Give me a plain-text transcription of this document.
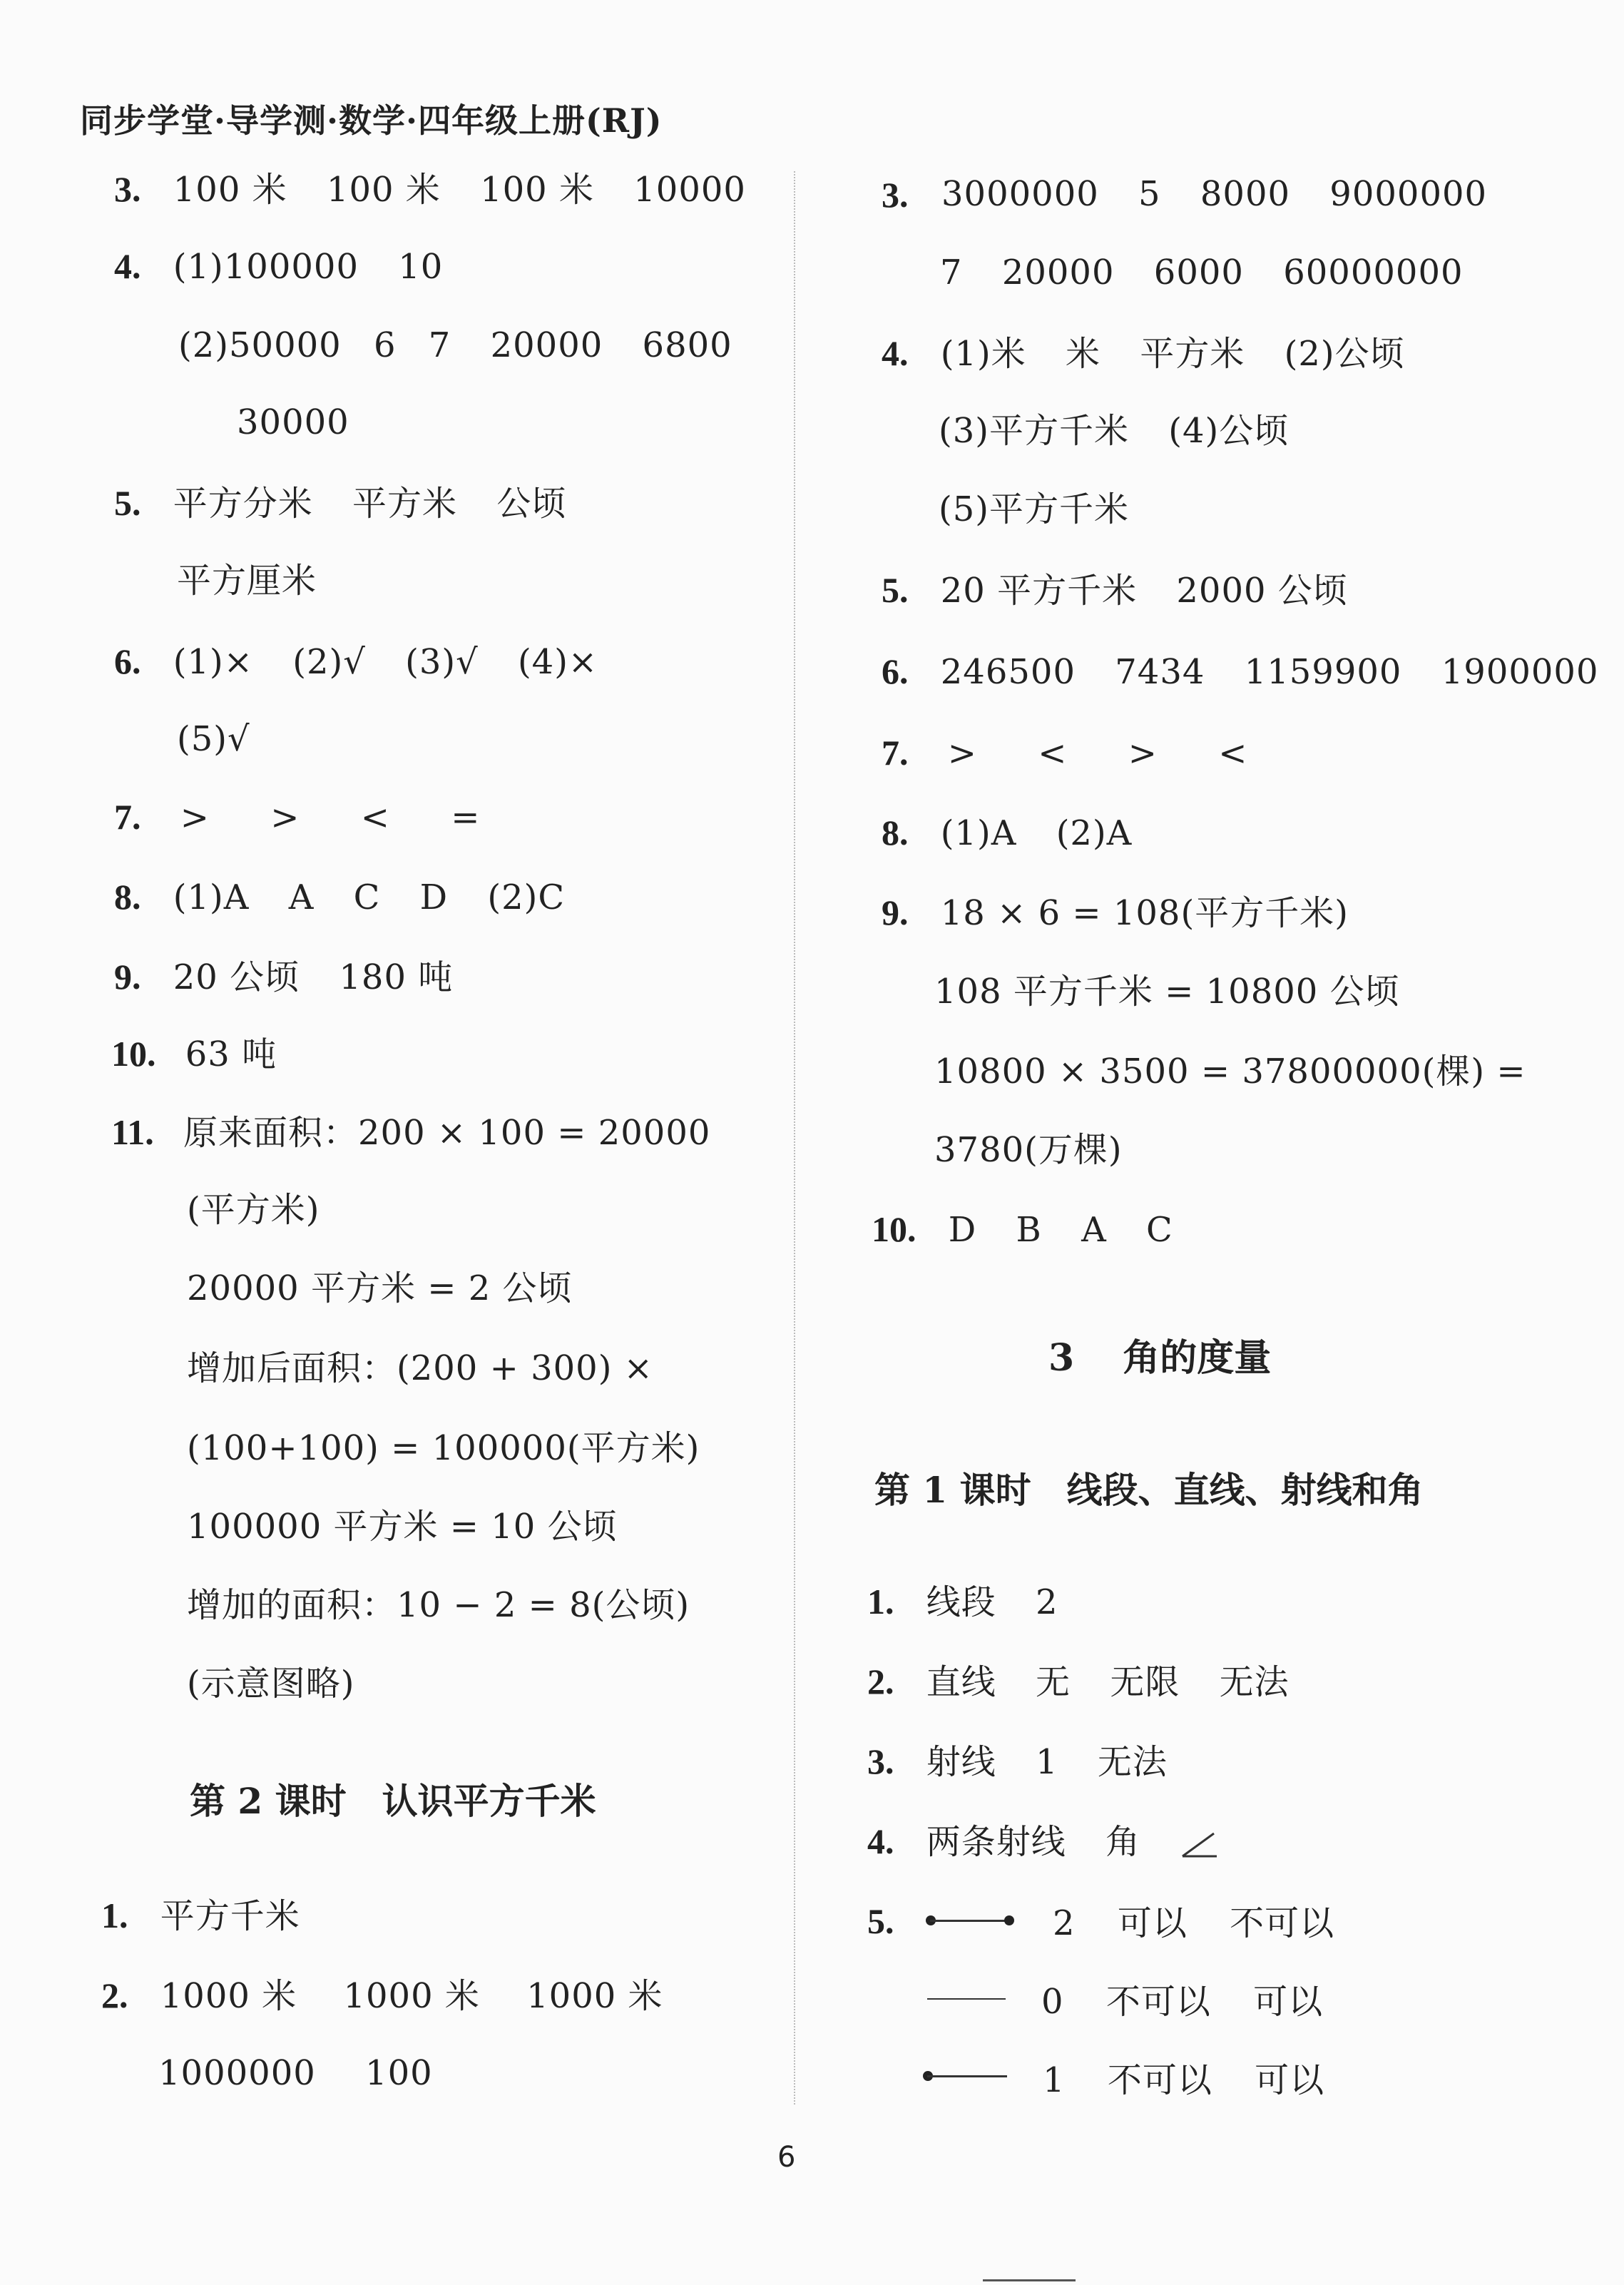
同步学堂·导学测·数学·四年级上册(RJ)
3. 100 米 100 米 100 米 10000
4. (1)100000 10
(2)50000 6 7 20000 6800
30000
5. 平方分米 平方米 公顷
平方厘米
6. (1)× (2)√ (3)√ (4)×
(5)√
7. > > < =
8. (1)A A C D (2)C
9. 20 公顷 180 吨
10. 63 吨
11. 原来面积：200 × 100 = 20000
(平方米)
20000 平方米 = 2 公顷
增加后面积：(200 + 300) ×
(100+100) = 100000(平方米)
100000 平方米 = 10 公顷
增加的面积：10 − 2 = 8(公顷)
(示意图略)
第 2 课时　认识平方千米
1. 平方千米
2. 1000 米 1000 米 1000 米
1000000 100
3. 3000000 5 8000 9000000
7 20000 6000 60000000
4. (1)米 米 平方米 (2)公顷
(3)平方千米 (4)公顷
(5)平方千米
5. 20 平方千米 2000 公顷
6. 246500 7434 1159900 1900000
7. > < > <
8. (1)A (2)A
9. 18 × 6 = 108(平方千米)
108 平方千米 = 10800 公顷
10800 × 3500 = 37800000(棵) =
3780(万棵)
10. D B A C
3 角的度量
第 1 课时　线段、直线、射线和角
1. 线段 2
2. 直线 无 无限 无法
3. 射线 1 无法
4. 两条射线 角
5.	2 可以 不可以
0 不可以 可以
1 不可以 可以
6
